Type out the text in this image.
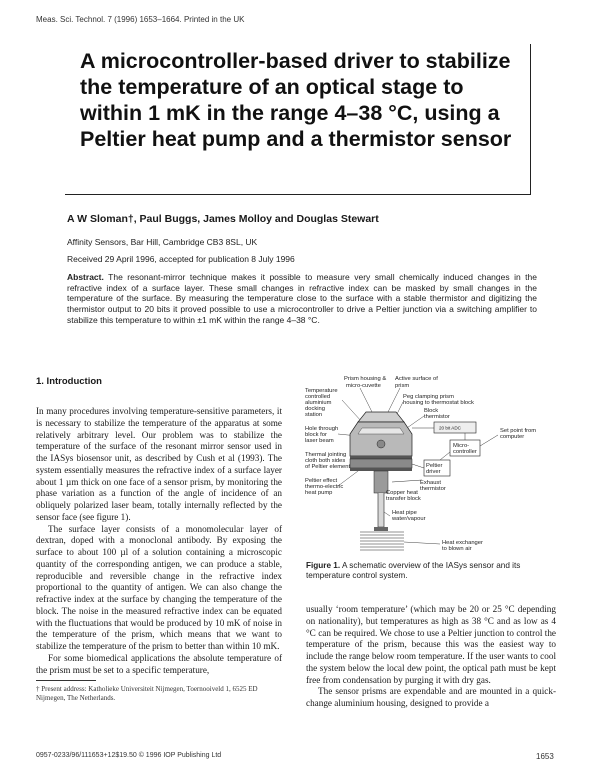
Meas. Sci. Technol. 7 (1996) 1653–1664. Printed in the UK
A microcontroller-based driver to stabilize the temperature of an optical stage to within 1 mK in the range 4–38 °C, using a Peltier heat pump and a thermistor sensor
A W Sloman†, Paul Buggs, James Molloy and Douglas Stewart
Affinity Sensors, Bar Hill, Cambridge CB3 8SL, UK
Received 29 April 1996, accepted for publication 8 July 1996
Abstract. The resonant-mirror technique makes it possible to measure very small chemically induced changes in the refractive index of a surface layer. These small changes in refractive index can be masked by small changes in the temperature of the surface. By measuring the temperature close to the surface with a stable thermistor and digitizing the thermistor output to 20 bits it proved possible to use a microcontroller to drive a Peltier junction via a switching amplifier to stabilize this temperature to within ±1 mK within the range 4–38 °C.
1. Introduction

In many procedures involving temperature-sensitive parameters, it is necessary to stabilize the temperature of the apparatus at some relatively arbitrary level. Our problem was to stabilize the temperature of the surface of the resonant mirror sensor used in the IASys biosensor unit, as described by Cush et al (1993). The system essentially measures the refractive index of a surface layer about 1 µm thick on one face of a sensor prism, by monitoring the phase variation as a function of the angle of incidence of an obliquely polarized laser beam, totally internally reflected by the sensor face (see figure 1).

The surface layer consists of a monomolecular layer of dextran, doped with a monoclonal antibody. By exposing the surface to about 100 µl of a solution containing a microscopic quantity of the corresponding antigen, we can produce a stable, reproducible and reversible change in the refractive index proportional to the quantity of antigen. We can also change the refractive index at the surface by changing the temperature of the block. The noise in the measured refractive index can be equated with the fluctuations that would be produced by 10 mK of noise in the temperature of the prism, which means that we want to stabilize the temperature of the prism to better than within 10 mK.

For some biomedical applications the absolute temperature of the prism must be set to a specific temperature,

† Present address: Katholieke Universiteit Nijmegen, Toernooiveld 1, 6525 ED Nijmegen, The Netherlands.
Prism housing &
micro-cuvette
Active surface of
prism
Temperature
controlled
aluminium
docking
station
Peg clamping prism
housing to thermostat block
Block
thermistor
Hole through
block for
laser beam
Thermal jointing
cloth both sides
of Peltier element
Peltier effect
thermo-electric
heat pump
20 bit ADC
Micro-
controller
Peltier
driver
Set point from
computer
Exhaust
thermistor
Copper heat
transfer block
Heat pipe
water/vapour
Heat exchanger
to blown air
Figure 1. A schematic overview of the IASys sensor and its temperature control system.

usually ‘room temperature’ (which may be 20 or 25 °C depending on nationality), but temperatures as high as 38 °C and as low as 4 °C can be required. We chose to use a Peltier junction to control the temperature of the prism, because this was the easiest way to include the range below room temperature. If the user wants to cool the system below the local dew point, the optical path must be kept free from condensation by purging it with dry gas.

The sensor prisms are expendable and are mounted in a quick-change aluminium housing, designed to provide a

0957-0233/96/111653+12$19.50 © 1996 IOP Publishing Ltd	1653
